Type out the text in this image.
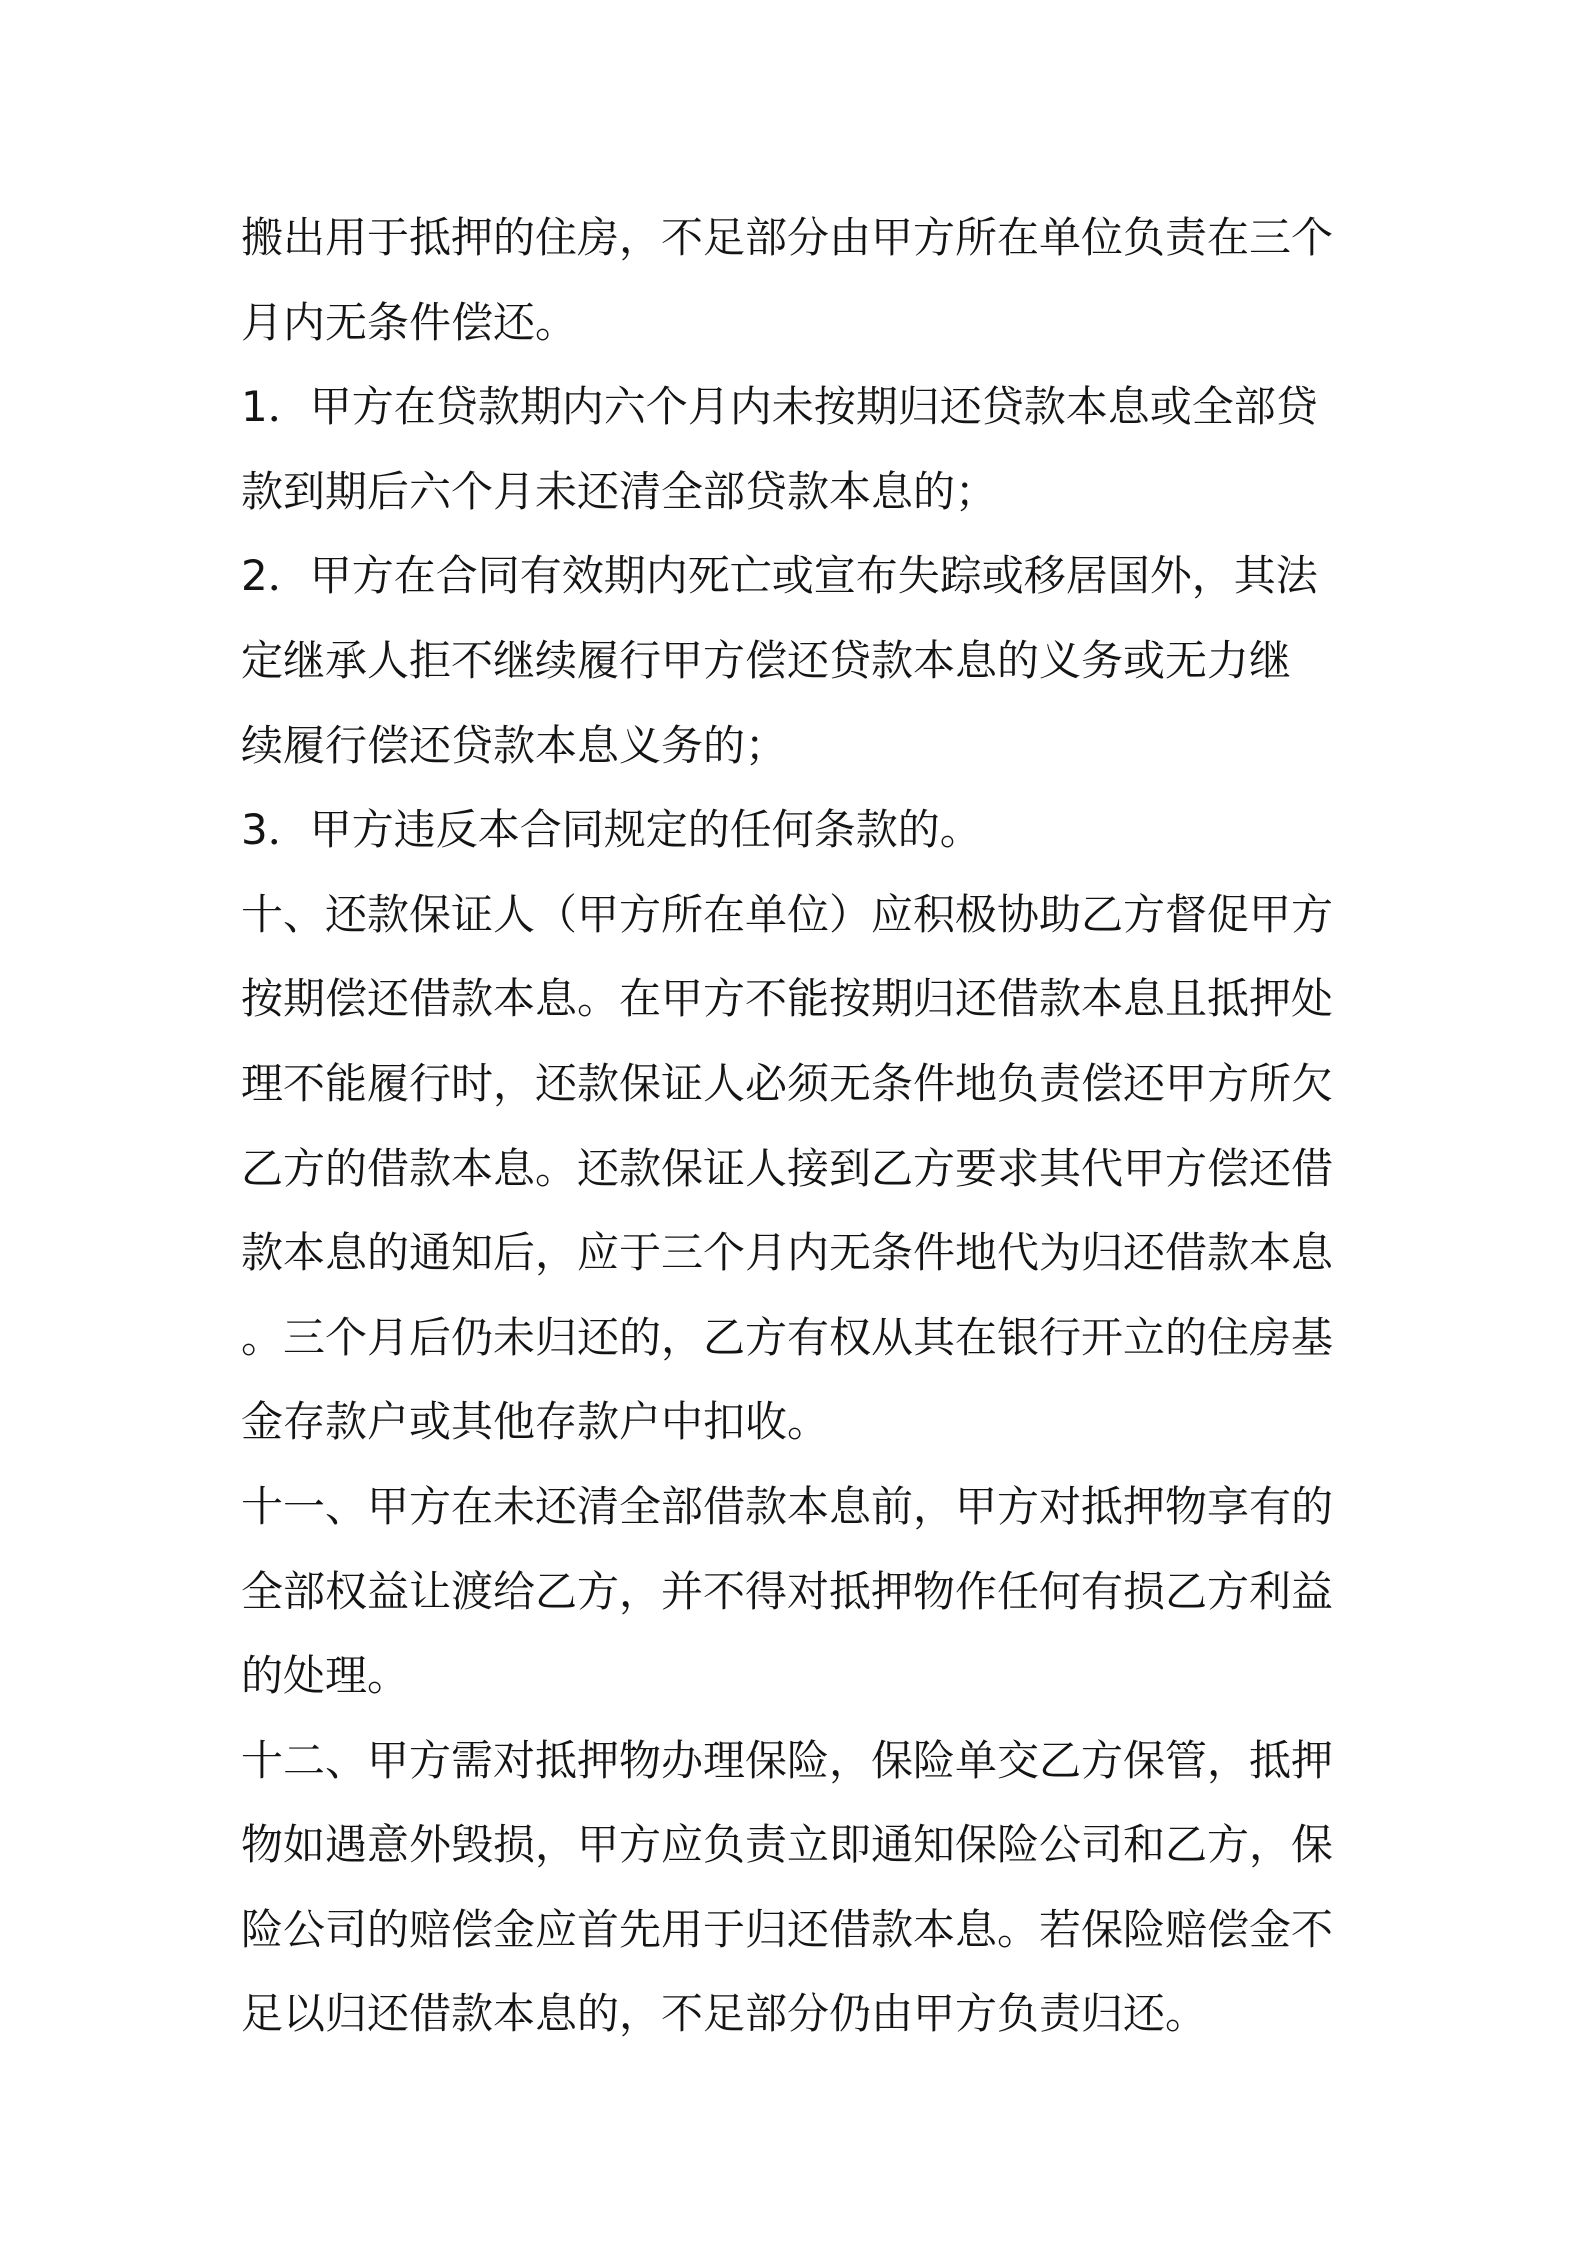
搬出用于抵押的住房，不足部分由甲方所在单位负责在三个
月内无条件偿还。
1．甲方在贷款期内六个月内未按期归还贷款本息或全部贷
款到期后六个月未还清全部贷款本息的；
2．甲方在合同有效期内死亡或宣布失踪或移居国外，其法
定继承人拒不继续履行甲方偿还贷款本息的义务或无力继
续履行偿还贷款本息义务的；
3．甲方违反本合同规定的任何条款的。
十、还款保证人（甲方所在单位）应积极协助乙方督促甲方
按期偿还借款本息。在甲方不能按期归还借款本息且抵押处
理不能履行时，还款保证人必须无条件地负责偿还甲方所欠
乙方的借款本息。还款保证人接到乙方要求其代甲方偿还借
款本息的通知后，应于三个月内无条件地代为归还借款本息
。三个月后仍未归还的，乙方有权从其在银行开立的住房基
金存款户或其他存款户中扣收。
十一、甲方在未还清全部借款本息前，甲方对抵押物享有的
全部权益让渡给乙方，并不得对抵押物作任何有损乙方利益
的处理。
十二、甲方需对抵押物办理保险，保险单交乙方保管，抵押
物如遇意外毁损，甲方应负责立即通知保险公司和乙方，保
险公司的赔偿金应首先用于归还借款本息。若保险赔偿金不
足以归还借款本息的，不足部分仍由甲方负责归还。
